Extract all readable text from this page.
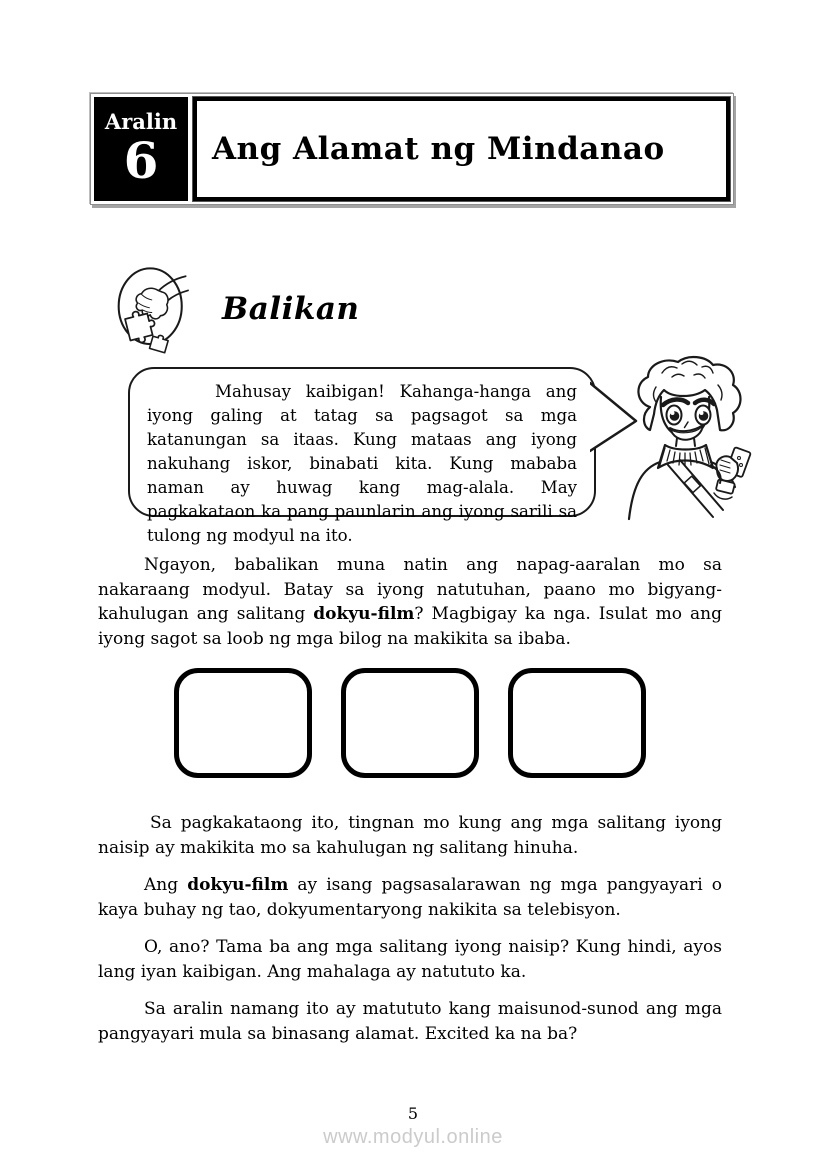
Aralin
6 Ang Alamat ng Mindanao
Balikan

Mahusay kaibigan! Kahanga-hanga ang iyong galing at tatag sa pagsagot sa mga katanungan sa itaas. Kung mataas ang iyong nakuhang iskor, binabati kita. Kung mababa naman ay huwag kang mag-alala. May pagkakataon ka pang paunlarin ang iyong sarili sa tulong ng modyul na ito.

Ngayon, babalikan muna natin ang napag-aaralan mo sa nakaraang modyul. Batay sa iyong natutuhan, paano mo bigyang-kahulugan ang salitang dokyu-film? Magbigay ka nga. Isulat mo ang iyong sagot sa loob ng mga bilog na makikita sa ibaba.

Sa pagkakataong ito, tingnan mo kung ang mga salitang iyong naisip ay makikita mo sa kahulugan ng salitang hinuha.

Ang dokyu-film ay isang pagsasalarawan ng mga pangyayari o kaya buhay ng tao, dokyumentaryong nakikita sa telebisyon.

O, ano? Tama ba ang mga salitang iyong naisip? Kung hindi, ayos lang iyan kaibigan. Ang mahalaga ay natututo ka.

Sa aralin namang ito ay matututo kang maisunod-sunod ang mga pangyayari mula sa binasang alamat. Excited ka na ba?

5
www.modyul.online
